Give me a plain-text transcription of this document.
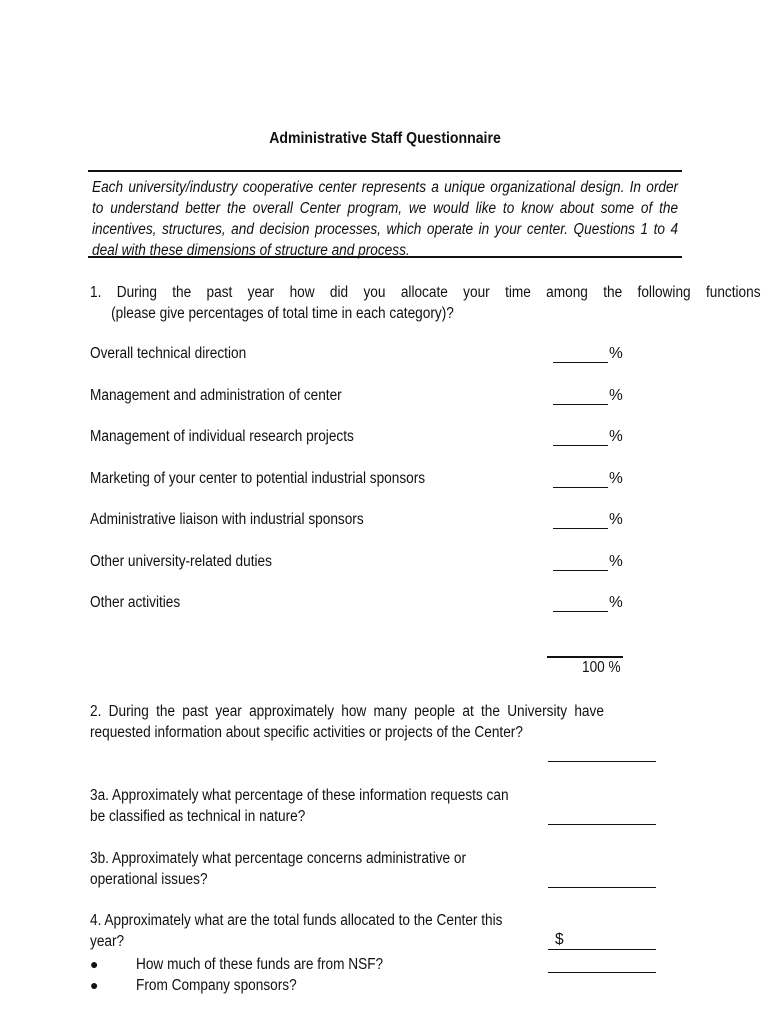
Administrative Staff Questionnaire
Each university/industry cooperative center represents a unique organizational design. In order to understand better the overall Center program, we would like to know about some of the incentives, structures, and decision processes, which operate in your center. Questions 1 to 4 deal with these dimensions of structure and process.
1. During the past year how did you allocate your time among the following functions
(please give percentages of total time in each category)?
Overall technical direction	%
Management and administration of center	%
Management of individual research projects	%
Marketing of your center to potential industrial sponsors	%
Administrative liaison with industrial sponsors	%
Other university-related duties	%
Other activities	%
100 %
2. During the past year approximately how many people at the University have requested information about specific activities or projects of the Center?
3a. Approximately what percentage of these information requests can
be classified as technical in nature?
3b. Approximately what percentage concerns administrative or
operational issues?
4. Approximately what are the total funds allocated to the Center this
year?	$
● How much of these funds are from NSF?
● From Company sponsors?
